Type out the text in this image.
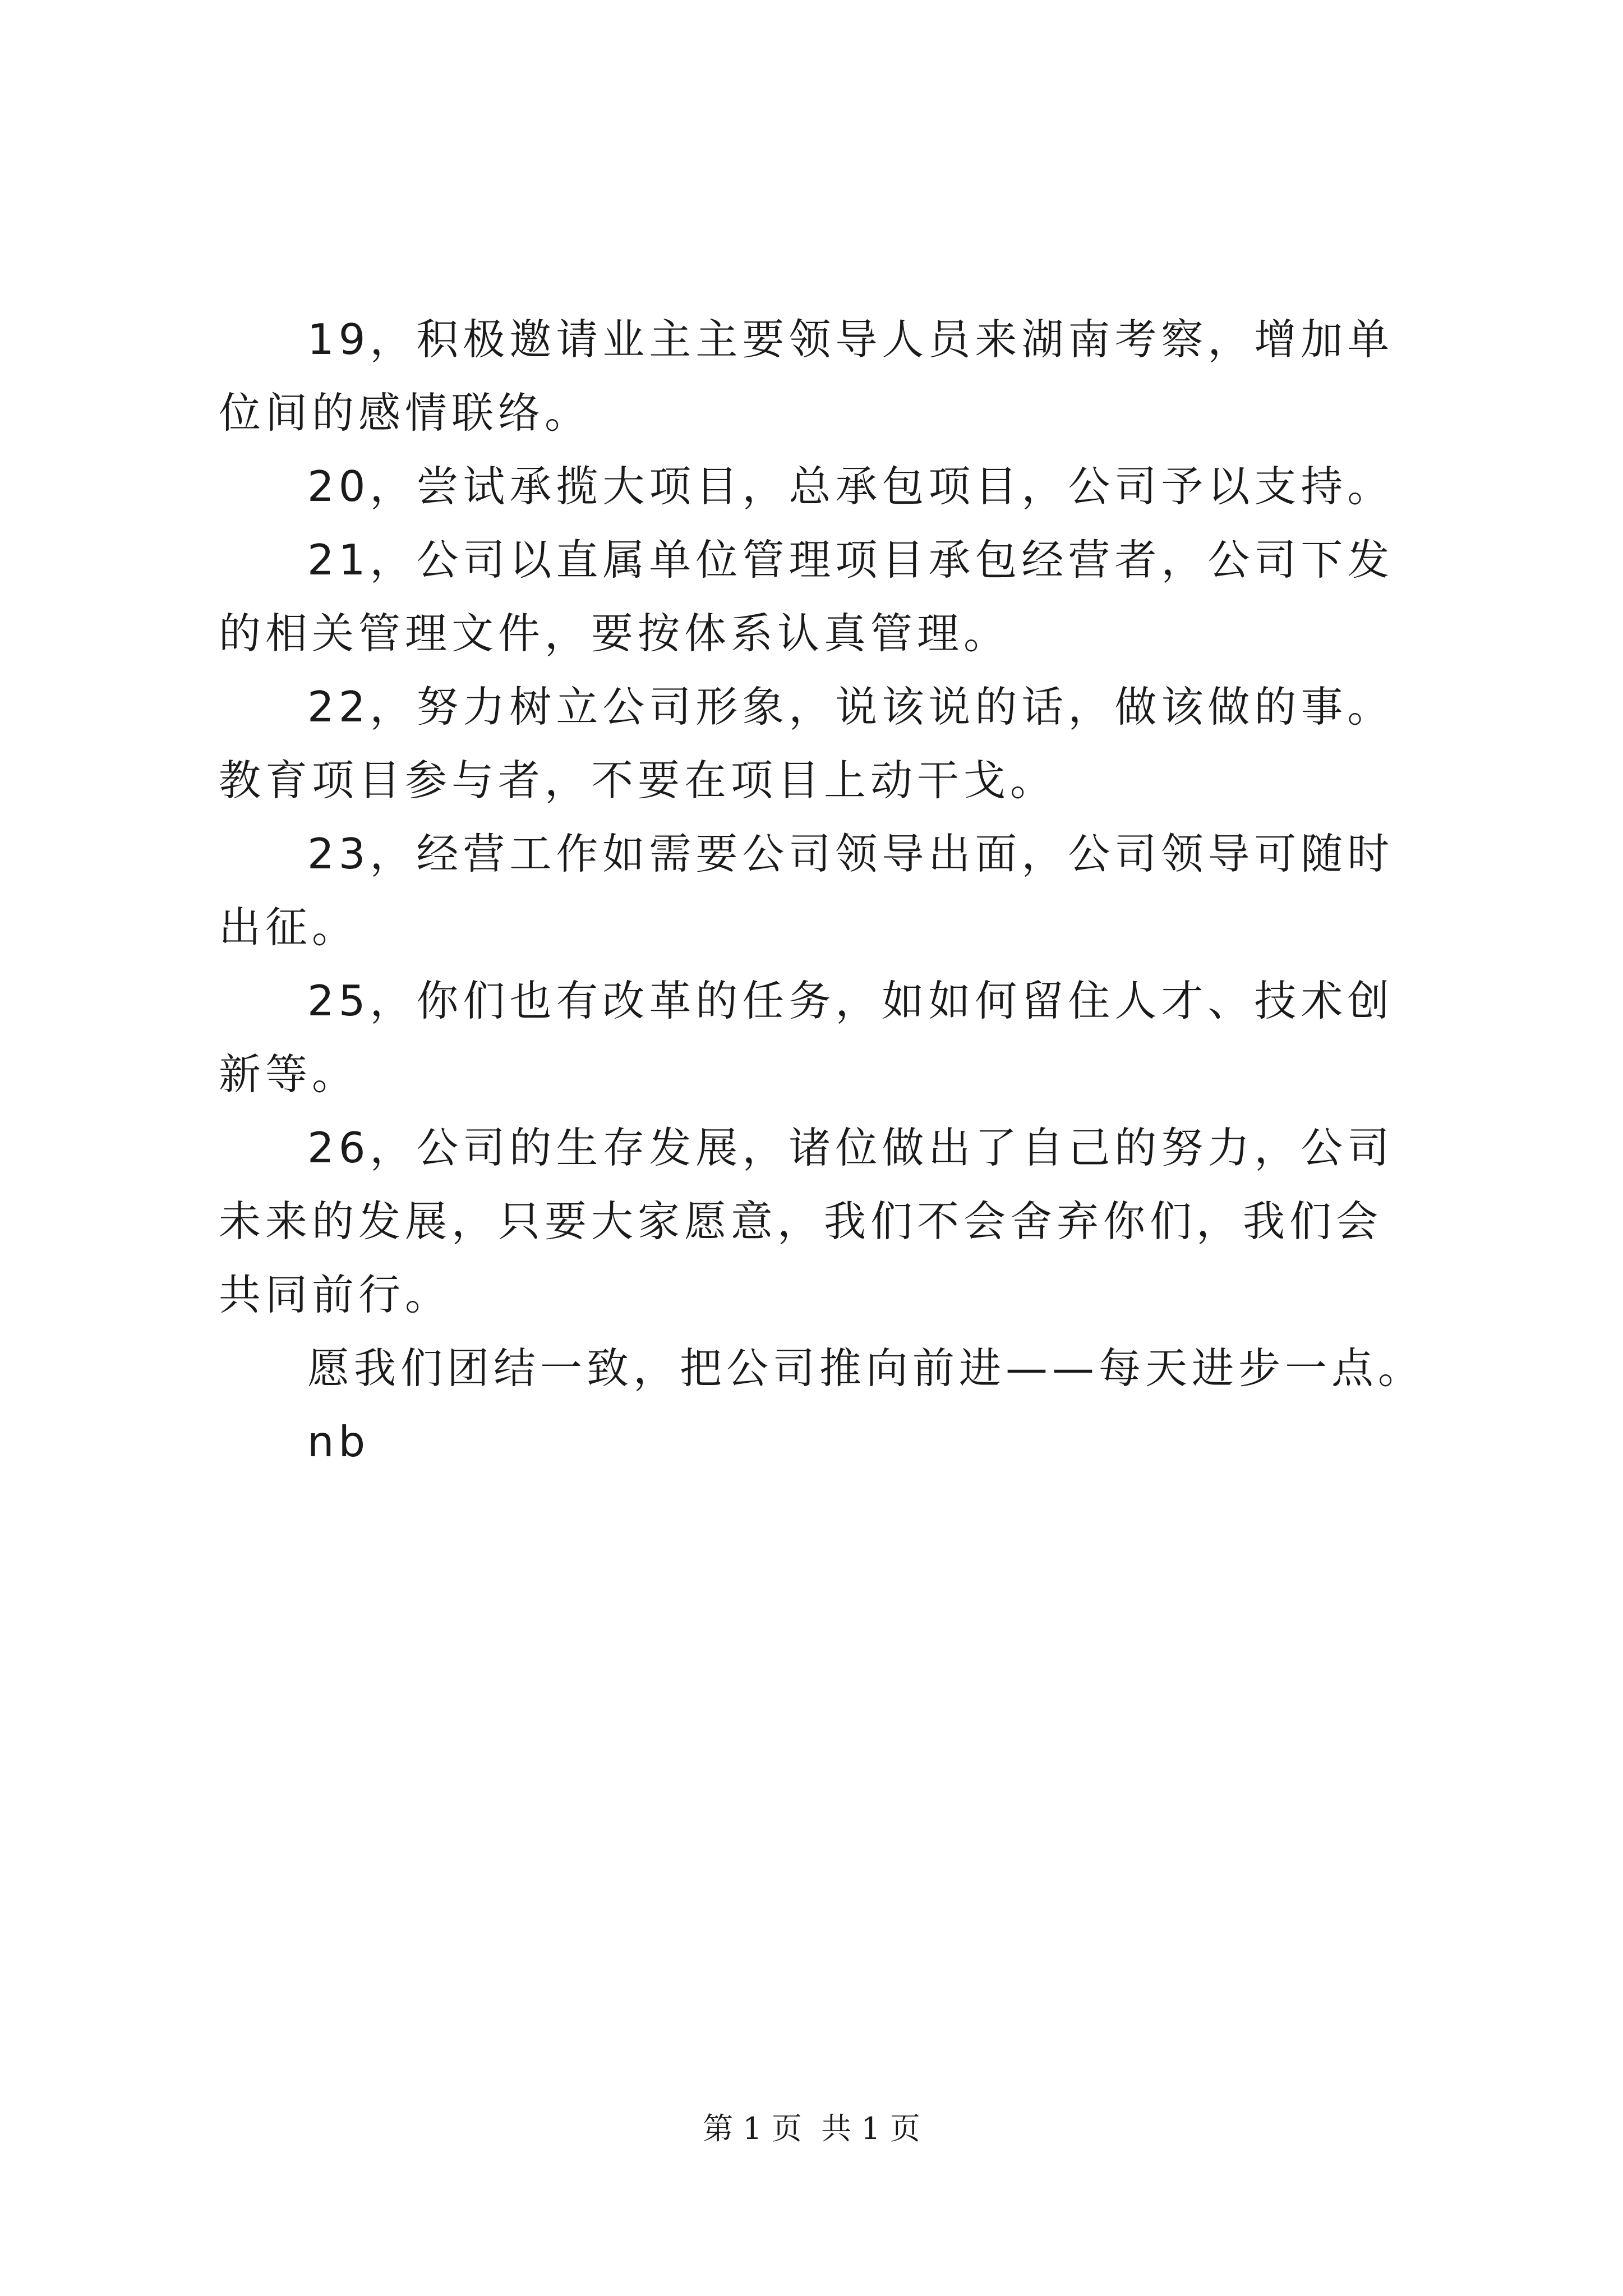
19，积极邀请业主主要领导人员来湖南考察，增加单位间的感情联络。

20，尝试承揽大项目，总承包项目，公司予以支持。

21，公司以直属单位管理项目承包经营者，公司下发的相关管理文件，要按体系认真管理。

22，努力树立公司形象，说该说的话，做该做的事。教育项目参与者，不要在项目上动干戈。

23，经营工作如需要公司领导出面，公司领导可随时出征。

25，你们也有改革的任务，如如何留住人才、技术创新等。

26，公司的生存发展，诸位做出了自己的努力，公司未来的发展，只要大家愿意，我们不会舍弃你们，我们会共同前行。

愿我们团结一致，把公司推向前进——每天进步一点。

nb

第 1 页  共 1 页
